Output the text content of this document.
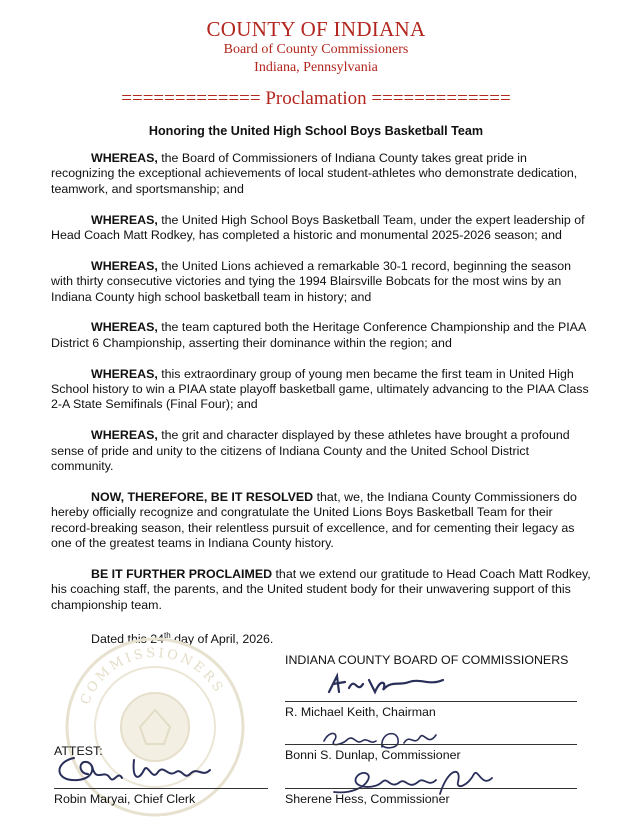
COUNTY OF INDIANA
Board of County Commissioners
Indiana, Pennsylvania
============= Proclamation =============
Honoring the United High School Boys Basketball Team

WHEREAS, the Board of Commissioners of Indiana County takes great pride in recognizing the exceptional achievements of local student-athletes who demonstrate dedication, teamwork, and sportsmanship; and

WHEREAS, the United High School Boys Basketball Team, under the expert leadership of Head Coach Matt Rodkey, has completed a historic and monumental 2025-2026 season; and

WHEREAS, the United Lions achieved a remarkable 30-1 record, beginning the season with thirty consecutive victories and tying the 1994 Blairsville Bobcats for the most wins by an Indiana County high school basketball team in history; and

WHEREAS, the team captured both the Heritage Conference Championship and the PIAA District 6 Championship, asserting their dominance within the region; and

WHEREAS, this extraordinary group of young men became the first team in United High School history to win a PIAA state playoff basketball game, ultimately advancing to the PIAA Class 2-A State Semifinals (Final Four); and

WHEREAS, the grit and character displayed by these athletes have brought a profound sense of pride and unity to the citizens of Indiana County and the United School District community.

NOW, THEREFORE, BE IT RESOLVED that, we, the Indiana County Commissioners do hereby officially recognize and congratulate the United Lions Boys Basketball Team for their record-breaking season, their relentless pursuit of excellence, and for cementing their legacy as one of the greatest teams in Indiana County history.

BE IT FURTHER PROCLAIMED that we extend our gratitude to Head Coach Matt Rodkey, his coaching staff, the parents, and the United student body for their unwavering support of this championship team.

Dated this 24th day of April, 2026.

COMMISSIONERS
INDIANA COUNTY BOARD OF COMMISSIONERS
R. Michael Keith, Chairman
Bonni S. Dunlap, Commissioner
Sherene Hess, Commissioner
ATTEST:
Robin Maryai, Chief Clerk
